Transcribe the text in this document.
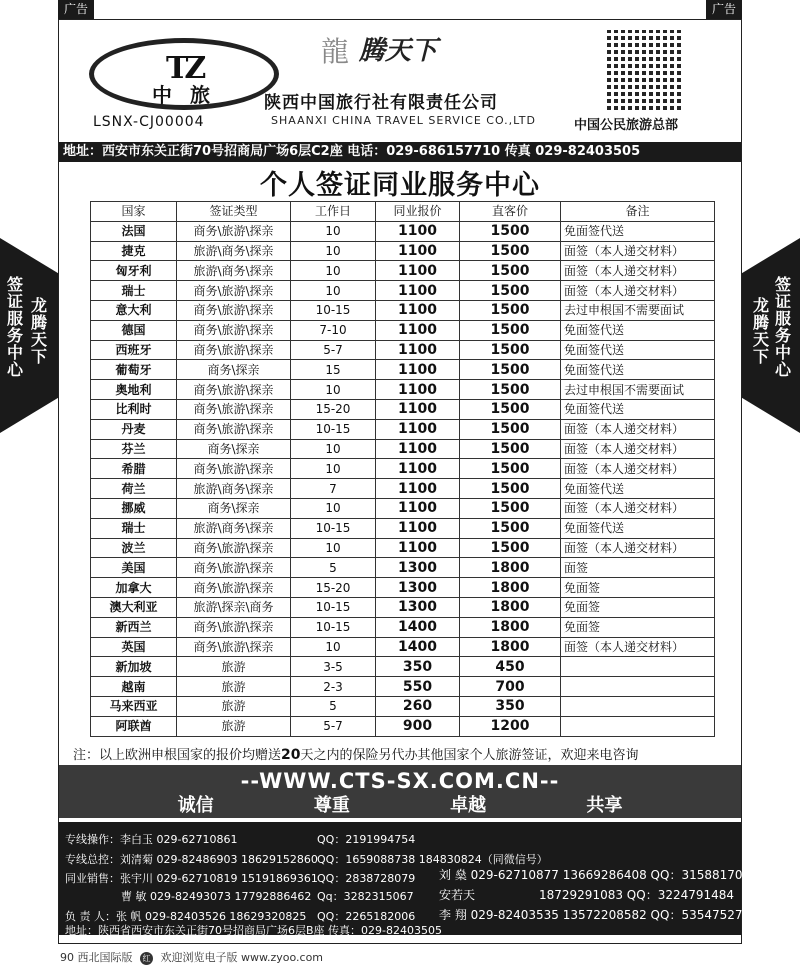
广告	广告
签证服务中心
龙腾天下
龙腾天下
签证服务中心
TZ
中旅
LSNX-CJ00004
龍 腾天下
陕西中国旅行社有限责任公司
SHAANXI CHINA TRAVEL SERVICE CO.,LTD	中国公民旅游总部
地址：西安市东关正街70号招商局广场6层C2座 电话：029-686157710 传真 029-82403505
个人签证同业服务中心
国家	签证类型	工作日	同业报价	直客价	备注
法国	商务\旅游\探亲	10	1100	1500	免面签代送
捷克	旅游\商务\探亲	10	1100	1500	面签（本人递交材料）
匈牙利	旅游\商务\探亲	10	1100	1500	面签（本人递交材料）
瑞士	商务\旅游\探亲	10	1100	1500	面签（本人递交材料）
意大利	商务\旅游\探亲	10-15	1100	1500	去过申根国不需要面试
德国	商务\旅游\探亲	7-10	1100	1500	免面签代送
西班牙	商务\旅游\探亲	5-7	1100	1500	免面签代送
葡萄牙	商务\探亲	15	1100	1500	免面签代送
奥地利	商务\旅游\探亲	10	1100	1500	去过申根国不需要面试
比利时	商务\旅游\探亲	15-20	1100	1500	免面签代送
丹麦	商务\旅游\探亲	10-15	1100	1500	面签（本人递交材料）
芬兰	商务\探亲	10	1100	1500	面签（本人递交材料）
希腊	商务\旅游\探亲	10	1100	1500	面签（本人递交材料）
荷兰	旅游\商务\探亲	7	1100	1500	免面签代送
挪威	商务\探亲	10	1100	1500	面签（本人递交材料）
瑞士	旅游\商务\探亲	10-15	1100	1500	免面签代送
波兰	商务\旅游\探亲	10	1100	1500	面签（本人递交材料）
美国	商务\旅游\探亲	5	1300	1800	面签
加拿大	商务\旅游\探亲	15-20	1300	1800	免面签
澳大利亚	旅游\探亲\商务	10-15	1300	1800	免面签
新西兰	商务\旅游\探亲	10-15	1400	1800	免面签
英国	商务\旅游\探亲	10	1400	1800	面签（本人递交材料）
新加坡	旅游	3-5	350	450	
越南	旅游	2-3	550	700	
马来西亚	旅游	5	260	350	
阿联酋	旅游	5-7	900	1200	
注：以上欧洲申根国家的报价均赠送20天之内的保险另代办其他国家个人旅游签证，欢迎来电咨询
--WWW.CTS-SX.COM.CN--
诚信	尊重	卓越	共享
专线操作：李白玉 029-62710861	QQ：2191994754
专线总控：刘清菊 029-82486903 18629152860 QQ：1659088738 184830824（同微信号）
同业销售：张宇川 029-62710819 15191869361 QQ：2838728079 刘 燊 029-62710877 13669286408 QQ：3158817067
曹 敏 029-82493073 17792886462 Qq：3282315067 安若天	18729291083 QQ：3224791484
负 责 人：张 帆 029-82403526 18629320825 QQ：2265182006 李 翔 029-82403535 13572208582 QQ：535475277
地址：陕西省西安市东关正街70号招商局广场6层B座 传真：029-82403505
90 西北国际版 红 欢迎浏览电子版 www.zyoo.com
